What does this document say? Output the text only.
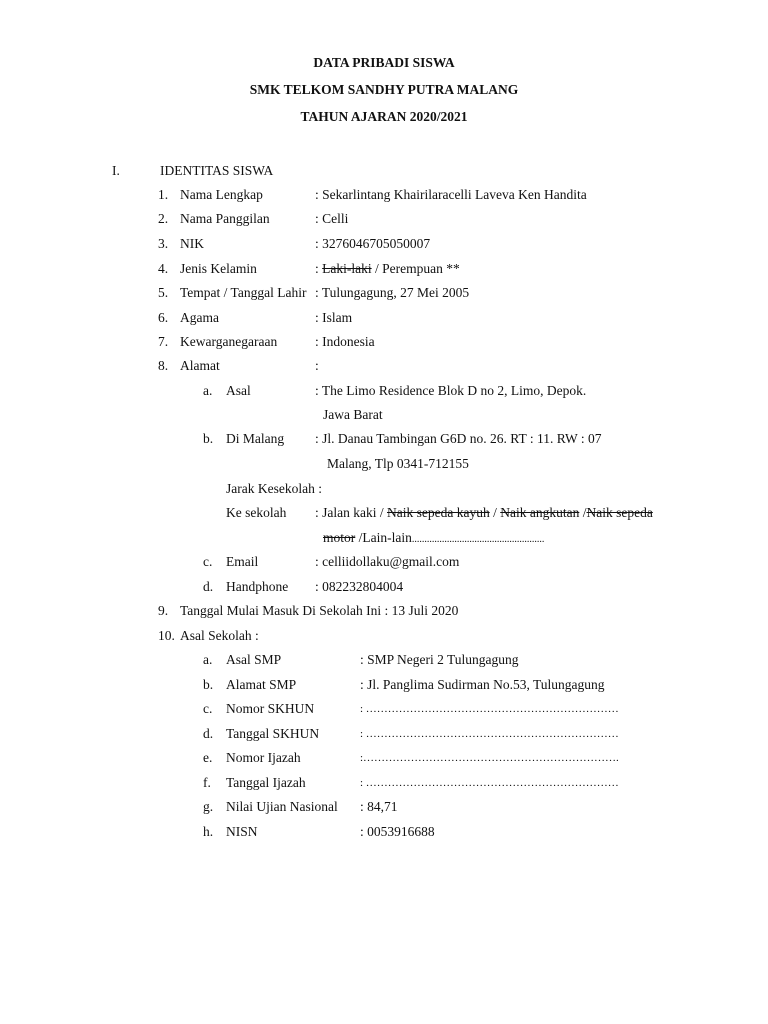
DATA PRIBADI SISWA
SMK TELKOM SANDHY PUTRA MALANG
TAHUN AJARAN 2020/2021
I.	IDENTITAS SISWA
1. Nama Lengkap	: Sekarlintang Khairilaracelli Laveva Ken Handita
2. Nama Panggilan	: Celli
3. NIK	: 3276046705050007
4. Jenis Kelamin	: Laki-laki / Perempuan **
5. Tempat / Tanggal Lahir : Tulungagung, 27 Mei 2005
6. Agama	: Islam
7. Kewarganegaraan	: Indonesia
8. Alamat	:
a. Asal	: The Limo Residence Blok D no 2, Limo, Depok.
Jawa Barat
b. Di Malang : Jl. Danau Tambingan G6D no. 26. RT : 11. RW : 07
Malang, Tlp 0341-712155
Jarak Kesekolah :
Ke sekolah : Jalan kaki / Naik sepeda kayuh / Naik angkutan /Naik sepeda
motor /Lain-lain.....................................................
c. Email	: celliidollaku@gmail.com
d. Handphone : 082232804004
9. Tanggal Mulai Masuk Di Sekolah Ini : 13 Juli 2020
10. Asal Sekolah :
a. Asal SMP	: SMP Negeri 2 Tulungagung
b. Alamat SMP	: Jl. Panglima Sudirman No.53, Tulungagung
c. Nomor SKHUN	: ……………………………………………………………
d. Tanggal SKHUN	: ……………………………………………………………
e. Nomor Ijazah	:…………………………………………………………….
f. Tanggal Ijazah	: ……………………………………………………………
g. Nilai Ujian Nasional : 84,71
h. NISN	: 0053916688
